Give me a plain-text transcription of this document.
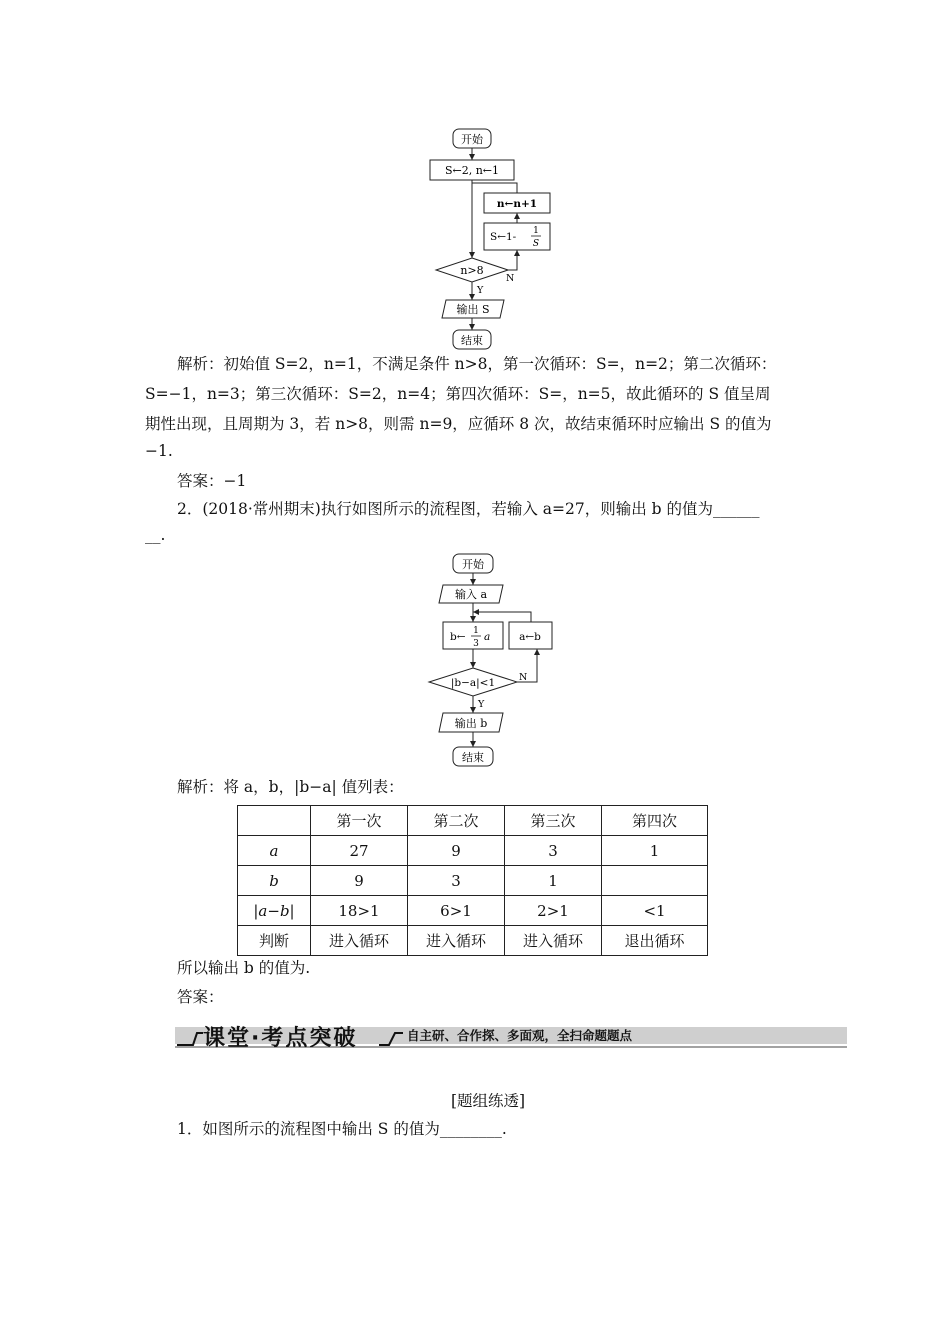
开始
S←2, n←1
n←n+1
S←1- 1
S
n>8
Y
N
输出 S
结束
解析：初始值 S=2，n=1，不满足条件 n>8，第一次循环：S=，n=2；第二次循环：
S=−1，n=3；第三次循环：S=2，n=4；第四次循环：S=，n=5，故此循环的 S 值呈周
期性出现，且周期为 3，若 n>8，则需 n=9，应循环 8 次，故结束循环时应输出 S 的值为
−1.
答案：−1
2．(2018·常州期末)执行如图所示的流程图，若输入 a=27，则输出 b 的值为______
__.
开始
输入 a
b← 1
3
a	a←b
|b−a|<1
Y
N
输出 b
结束
解析：将 a，b，|b−a| 值列表：
	第一次	第二次	第三次	第四次
a	27	9	3	1
b	9	3	1	
|a−b|	18>1	6>1	2>1	<1
判断	进入循环	进入循环	进入循环	退出循环
所以输出 b 的值为.
答案：
课堂·考点突破	自主研、合作探、多面观，全扫命题题点
[题组练透]
1．如图所示的流程图中输出 S 的值为________.
